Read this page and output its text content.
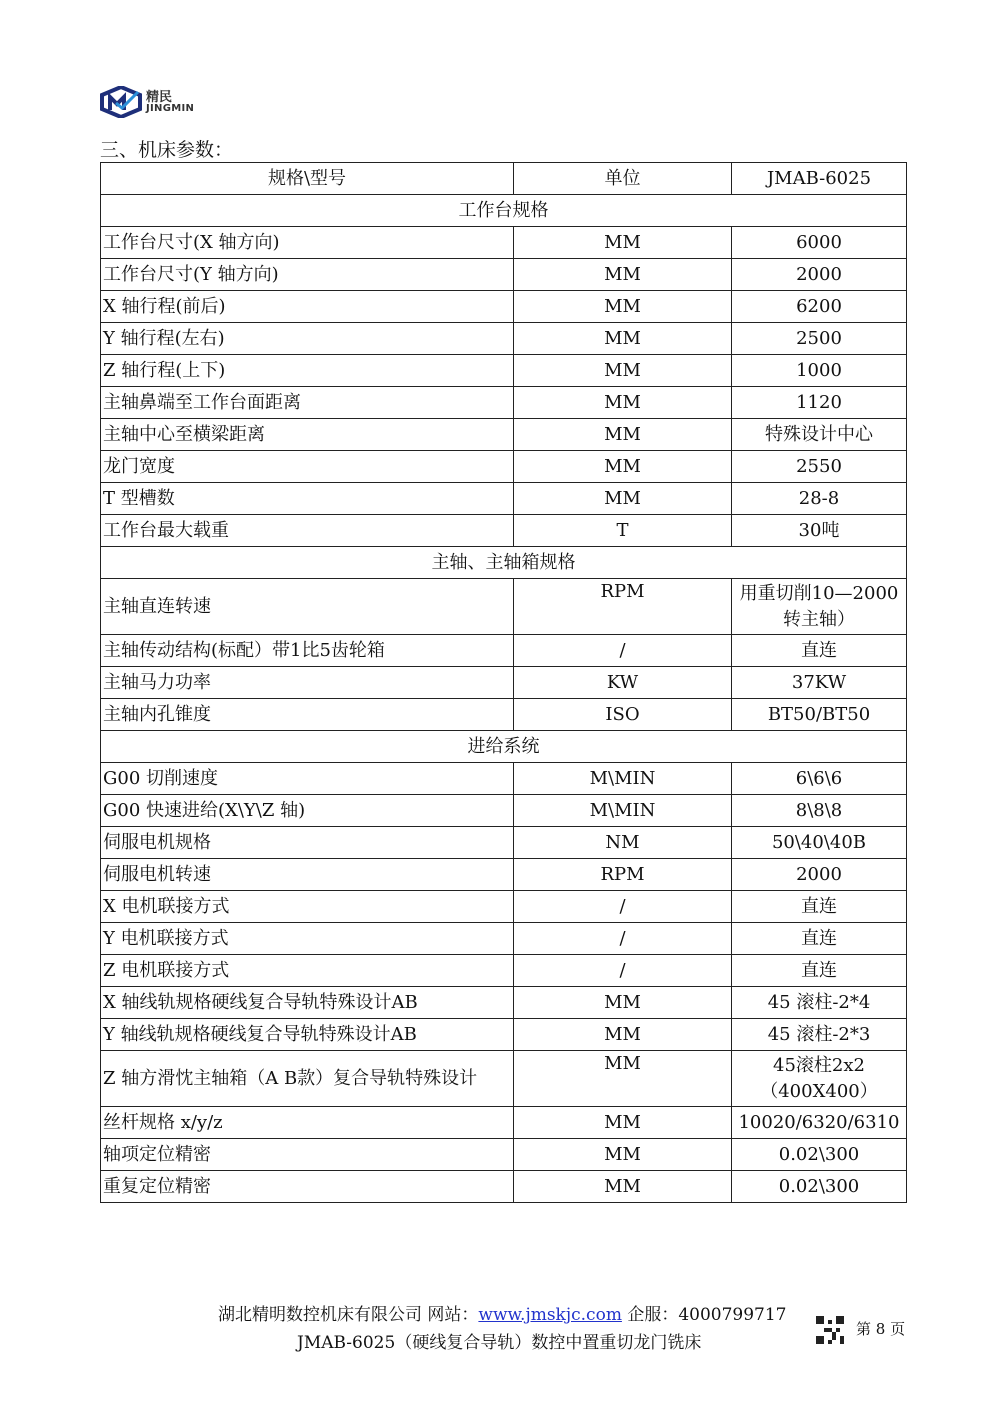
精民
JINGMIN
三、机床参数：
规格\型号	单位	JMAB-6025
工作台规格		
工作台尺寸(X 轴方向)	MM	6000
工作台尺寸(Y 轴方向)	MM	2000
X 轴行程(前后)	MM	6200
Y 轴行程(左右)	MM	2500
Z 轴行程(上下)	MM	1000
主轴鼻端至工作台面距离	MM	1120
主轴中心至横梁距离	MM	特殊设计中心
龙门宽度	MM	2550
T 型槽数	MM	28-8
工作台最大载重	T	30吨
主轴、主轴箱规格		
主轴直连转速	RPM	用重切削10—2000转主轴）
主轴传动结构(标配）带1比5齿轮箱	/	直连
主轴马力功率	KW	37KW
主轴内孔锥度	ISO	BT50/BT50
进给系统		
G00 切削速度	M\MIN	6\6\6
G00 快速进给(X\Y\Z 轴)	M\MIN	8\8\8
伺服电机规格	NM	50\40\40B
伺服电机转速	RPM	2000
X 电机联接方式	/	直连
Y 电机联接方式	/	直连
Z 电机联接方式	/	直连
X 轴线轨规格硬线复合导轨特殊设计AB	MM	45 滚柱-2*4
Y 轴线轨规格硬线复合导轨特殊设计AB	MM	45 滚柱-2*3
Z 轴方滑忱主轴箱（A B款）复合导轨特殊设计	MM	45滚柱2x2（400X400）
丝杆规格 x/y/z	MM	10020/6320/6310
轴项定位精密	MM	0.02\300
重复定位精密	MM	0.02\300
湖北精明数控机床有限公司 网站：www.jmskjc.com 企服：4000799717
JMAB-6025（硬线复合导轨）数控中置重切龙门铣床
第 8 页
